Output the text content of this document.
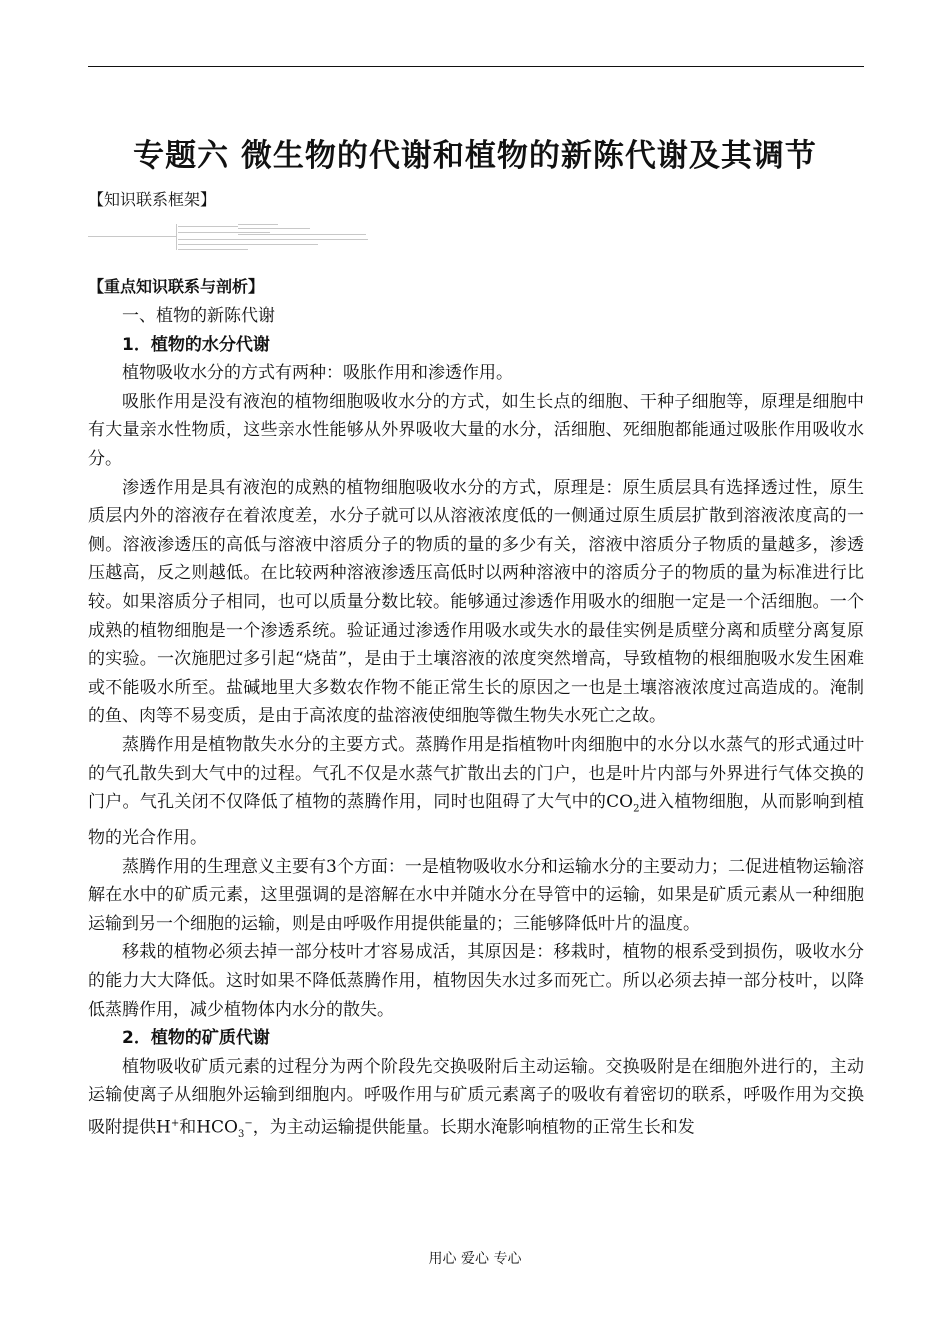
专题六 微生物的代谢和植物的新陈代谢及其调节
【知识联系框架】
【重点知识联系与剖析】

一、植物的新陈代谢

1．植物的水分代谢

植物吸收水分的方式有两种：吸胀作用和渗透作用。

吸胀作用是没有液泡的植物细胞吸收水分的方式，如生长点的细胞、干种子细胞等，原理是细胞中有大量亲水性物质，这些亲水性能够从外界吸收大量的水分，活细胞、死细胞都能通过吸胀作用吸收水分。

渗透作用是具有液泡的成熟的植物细胞吸收水分的方式，原理是：原生质层具有选择透过性，原生质层内外的溶液存在着浓度差，水分子就可以从溶液浓度低的一侧通过原生质层扩散到溶液浓度高的一侧。溶液渗透压的高低与溶液中溶质分子的物质的量的多少有关，溶液中溶质分子物质的量越多，渗透压越高，反之则越低。在比较两种溶液渗透压高低时以两种溶液中的溶质分子的物质的量为标准进行比较。如果溶质分子相同，也可以质量分数比较。能够通过渗透作用吸水的细胞一定是一个活细胞。一个成熟的植物细胞是一个渗透系统。验证通过渗透作用吸水或失水的最佳实例是质壁分离和质壁分离复原的实验。一次施肥过多引起“烧苗”，是由于土壤溶液的浓度突然增高，导致植物的根细胞吸水发生困难或不能吸水所至。盐碱地里大多数农作物不能正常生长的原因之一也是土壤溶液浓度过高造成的。淹制的鱼、肉等不易变质，是由于高浓度的盐溶液使细胞等微生物失水死亡之故。

蒸腾作用是植物散失水分的主要方式。蒸腾作用是指植物叶肉细胞中的水分以水蒸气的形式通过叶的气孔散失到大气中的过程。气孔不仅是水蒸气扩散出去的门户，也是叶片内部与外界进行气体交换的门户。气孔关闭不仅降低了植物的蒸腾作用，同时也阻碍了大气中的$CO_2$进入植物细胞，从而影响到植物的光合作用。

蒸腾作用的生理意义主要有3个方面：一是植物吸收水分和运输水分的主要动力；二促进植物运输溶解在水中的矿质元素，这里强调的是溶解在水中并随水分在导管中的运输，如果是矿质元素从一种细胞运输到另一个细胞的运输，则是由呼吸作用提供能量的；三能够降低叶片的温度。

移栽的植物必须去掉一部分枝叶才容易成活，其原因是：移栽时，植物的根系受到损伤，吸收水分的能力大大降低。这时如果不降低蒸腾作用，植物因失水过多而死亡。所以必须去掉一部分枝叶，以降低蒸腾作用，减少植物体内水分的散失。

2．植物的矿质代谢

植物吸收矿质元素的过程分为两个阶段先交换吸附后主动运输。交换吸附是在细胞外进行的，主动运输使离子从细胞外运输到细胞内。呼吸作用与矿质元素离子的吸收有着密切的联系，呼吸作用为交换吸附提供H+和$HCO_3^-$，为主动运输提供能量。长期水淹影响植物的正常生长和发

用心 爱心 专心
